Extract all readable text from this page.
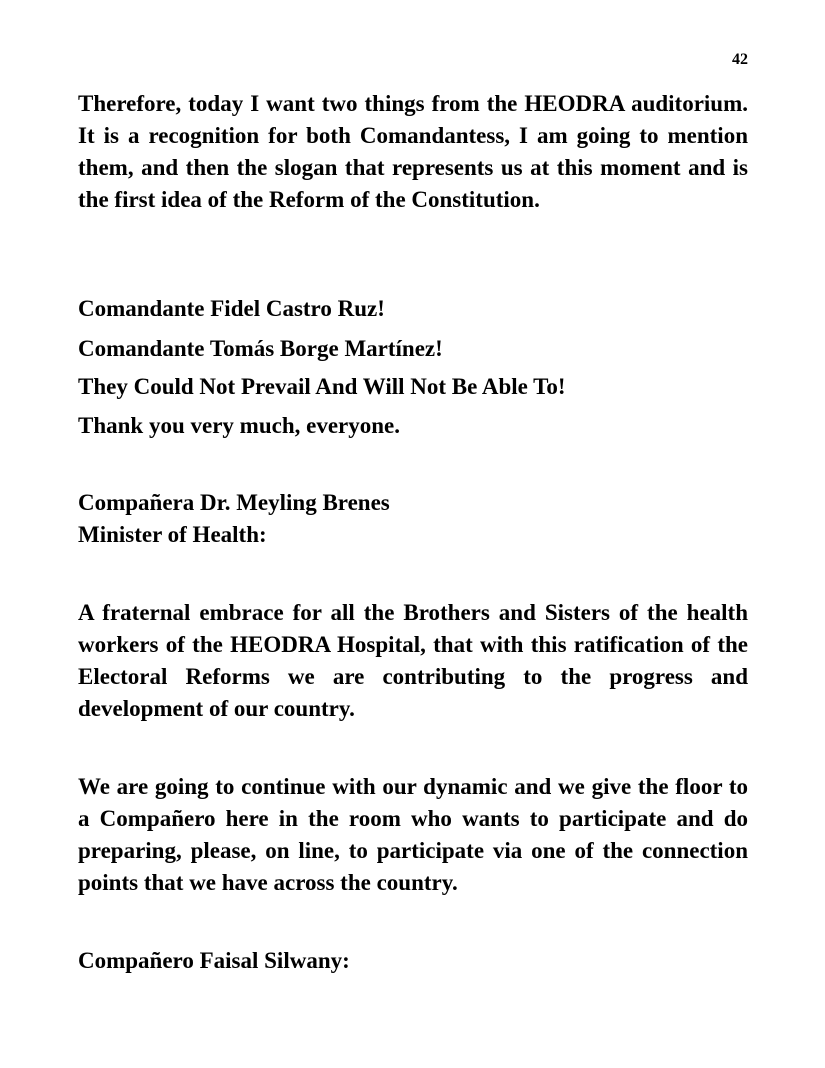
42

Therefore, today I want two things from the HEODRA auditorium. It is a recognition for both Comandantess, I am going to mention them, and then the slogan that represents us at this moment and is the first idea of the Reform of the Constitution.

Comandante Fidel Castro Ruz!

Comandante Tomás Borge Martínez!

They Could Not Prevail And Will Not Be Able To!

Thank you very much, everyone.

Compañera Dr. Meyling Brenes

Minister of Health:

A fraternal embrace for all the Brothers and Sisters of the health workers of the HEODRA Hospital, that with this ratification of the Electoral Reforms we are contributing to the progress and development of our country.

We are going to continue with our dynamic and we give the floor to a Compañero here in the room who wants to participate and do preparing, please, on line, to participate via one of the connection points that we have across the country.

Compañero Faisal Silwany:
